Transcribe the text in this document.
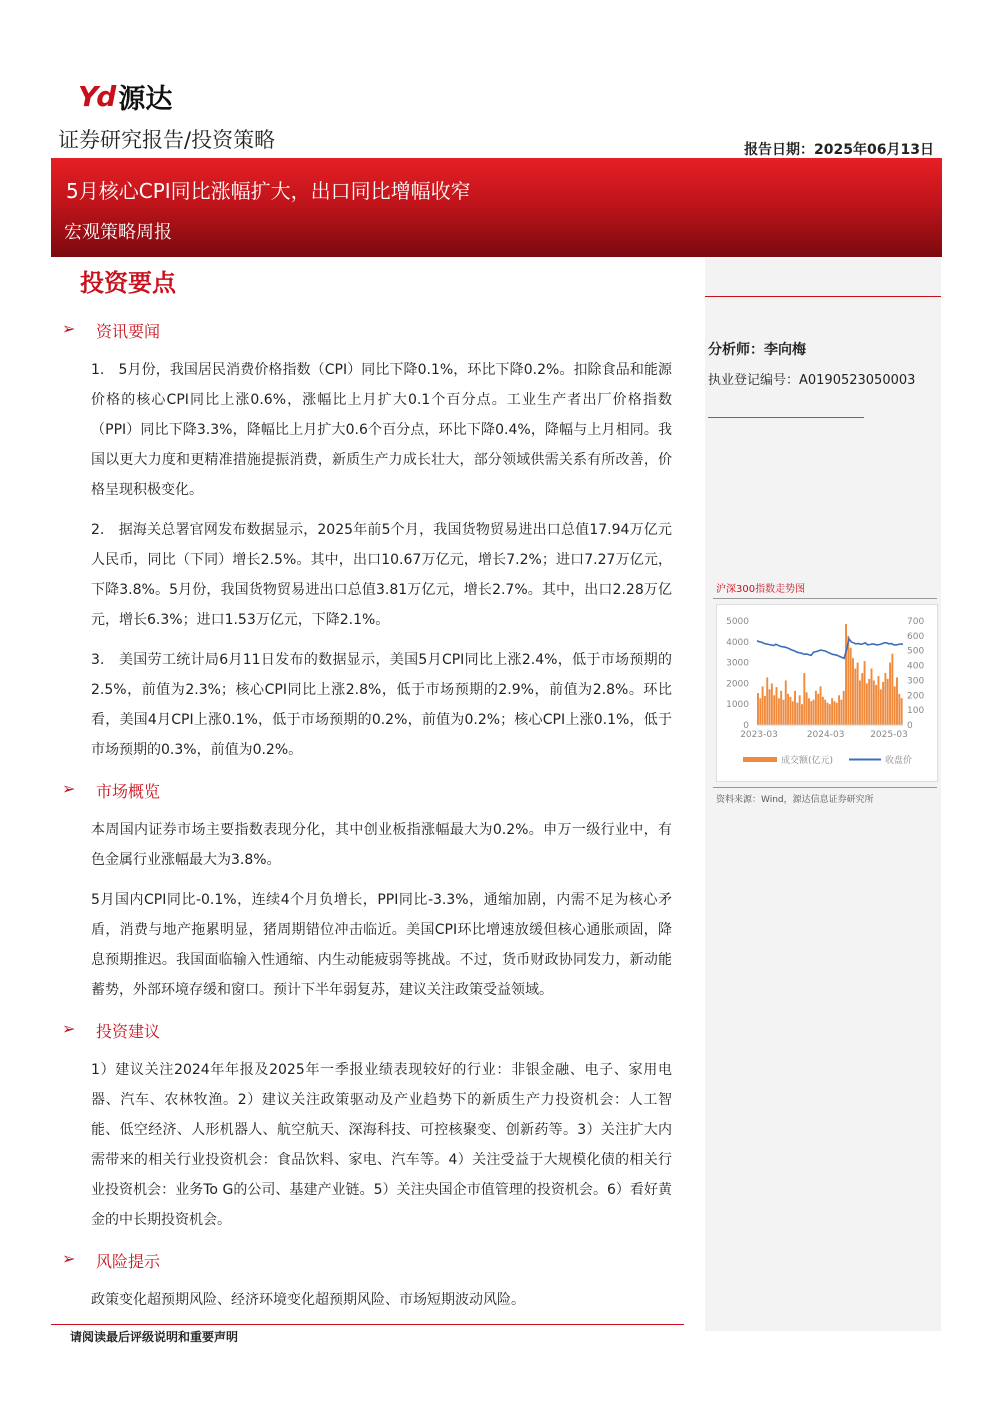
Yd 源达
证券研究报告/投资策略	报告日期：2025年06月13日
5月核心CPI同比涨幅扩大，出口同比增幅收窄
宏观策略周报
分析师：李向梅
执业登记编号：A0190523050003
沪深300指数走势图
0
1000
2000
3000
4000
5000
0
100
200
300
400
500
600
700
2023-03	2024-03	2025-03
成交额(亿元)	收盘价
资料来源：Wind，源达信息证券研究所
投资要点
➢ 资讯要闻
1.　5月份，我国居民消费价格指数（CPI）同比下降0.1%，环比下降0.2%。扣除食品和能源价格的核心CPI同比上涨0.6%，涨幅比上月扩大0.1个百分点。工业生产者出厂价格指数（PPI）同比下降3.3%，降幅比上月扩大0.6个百分点，环比下降0.4%，降幅与上月相同。我国以更大力度和更精准措施提振消费，新质生产力成长壮大，部分领域供需关系有所改善，价格呈现积极变化。
2.　据海关总署官网发布数据显示，2025年前5个月，我国货物贸易进出口总值17.94万亿元人民币，同比（下同）增长2.5%。其中，出口10.67万亿元，增长7.2%；进口7.27万亿元，下降3.8%。5月份，我国货物贸易进出口总值3.81万亿元，增长2.7%。其中，出口2.28万亿元，增长6.3%；进口1.53万亿元，下降2.1%。
3.　美国劳工统计局6月11日发布的数据显示，美国5月CPI同比上涨2.4%，低于市场预期的2.5%，前值为2.3%；核心CPI同比上涨2.8%，低于市场预期的2.9%，前值为2.8%。环比看，美国4月CPI上涨0.1%，低于市场预期的0.2%，前值为0.2%；核心CPI上涨0.1%，低于市场预期的0.3%，前值为0.2%。
➢ 市场概览
本周国内证券市场主要指数表现分化，其中创业板指涨幅最大为0.2%。申万一级行业中，有色金属行业涨幅最大为3.8%。
5月国内CPI同比-0.1%，连续4个月负增长，PPI同比-3.3%，通缩加剧，内需不足为核心矛盾，消费与地产拖累明显，猪周期错位冲击临近。美国CPI环比增速放缓但核心通胀顽固，降息预期推迟。我国面临输入性通缩、内生动能疲弱等挑战。不过，货币财政协同发力，新动能蓄势，外部环境存缓和窗口。预计下半年弱复苏，建议关注政策受益领域。
➢ 投资建议
1）建议关注2024年年报及2025年一季报业绩表现较好的行业：非银金融、电子、家用电器、汽车、农林牧渔。2）建议关注政策驱动及产业趋势下的新质生产力投资机会：人工智能、低空经济、人形机器人、航空航天、深海科技、可控核聚变、创新药等。3）关注扩大内需带来的相关行业投资机会：食品饮料、家电、汽车等。4）关注受益于大规模化债的相关行业投资机会：业务To G的公司、基建产业链。5）关注央国企市值管理的投资机会。6）看好黄金的中长期投资机会。
➢ 风险提示
政策变化超预期风险、经济环境变化超预期风险、市场短期波动风险。
请阅读最后评级说明和重要声明
